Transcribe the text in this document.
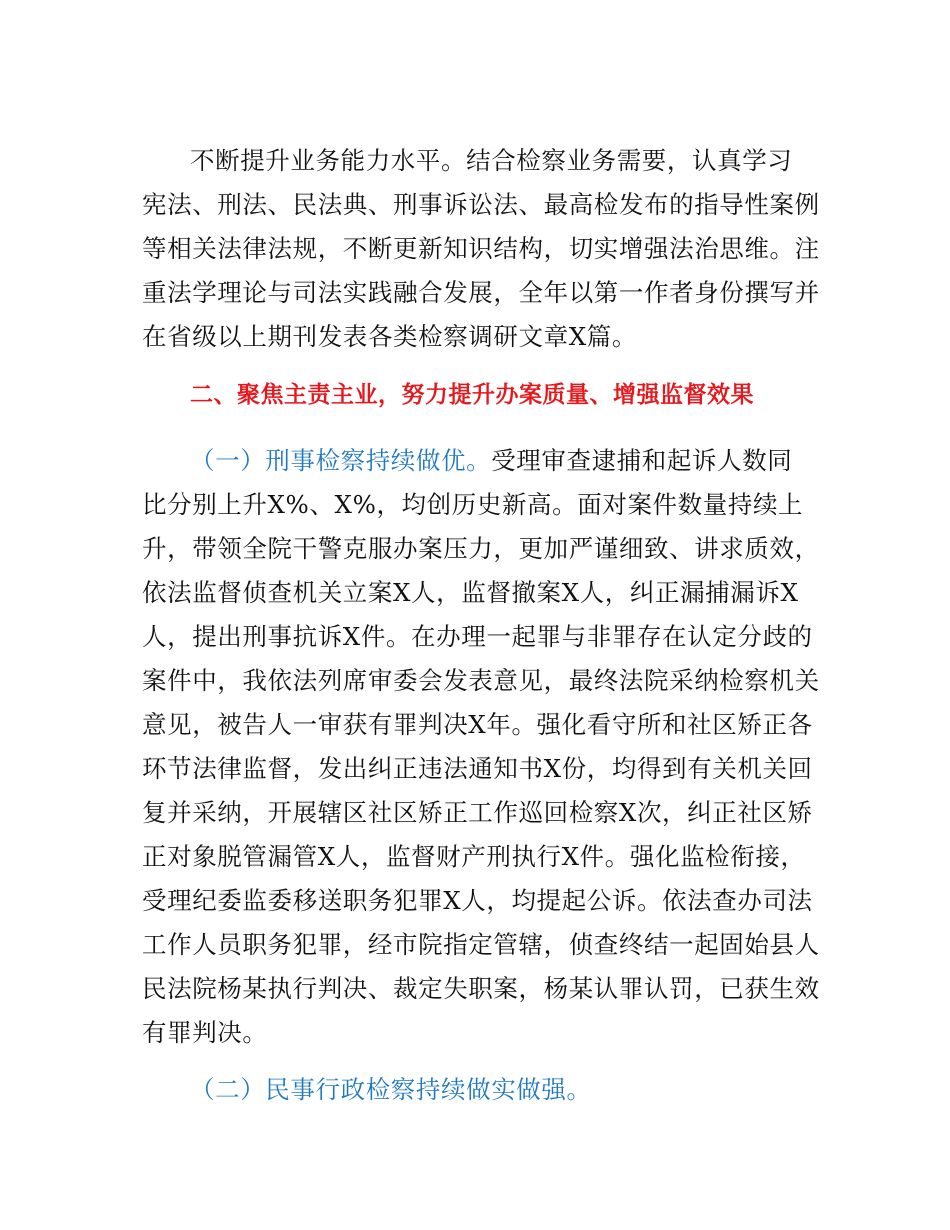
不断提升业务能力水平。结合检察业务需要，认真学习
宪法、刑法、民法典、刑事诉讼法、最高检发布的指导性案例
等相关法律法规，不断更新知识结构，切实增强法治思维。注
重法学理论与司法实践融合发展，全年以第一作者身份撰写并
在省级以上期刊发表各类检察调研文章X篇。
二、聚焦主责主业，努力提升办案质量、增强监督效果
（一）刑事检察持续做优。受理审查逮捕和起诉人数同
比分别上升X%、X%，均创历史新高。面对案件数量持续上
升，带领全院干警克服办案压力，更加严谨细致、讲求质效，
依法监督侦查机关立案X人，监督撤案X人，纠正漏捕漏诉X
人，提出刑事抗诉X件。在办理一起罪与非罪存在认定分歧的
案件中，我依法列席审委会发表意见，最终法院采纳检察机关
意见，被告人一审获有罪判决X年。强化看守所和社区矫正各
环节法律监督，发出纠正违法通知书X份，均得到有关机关回
复并采纳，开展辖区社区矫正工作巡回检察X次，纠正社区矫
正对象脱管漏管X人，监督财产刑执行X件。强化监检衔接，
受理纪委监委移送职务犯罪X人，均提起公诉。依法查办司法
工作人员职务犯罪，经市院指定管辖，侦查终结一起固始县人
民法院杨某执行判决、裁定失职案，杨某认罪认罚，已获生效
有罪判决。
（二）民事行政检察持续做实做强。
